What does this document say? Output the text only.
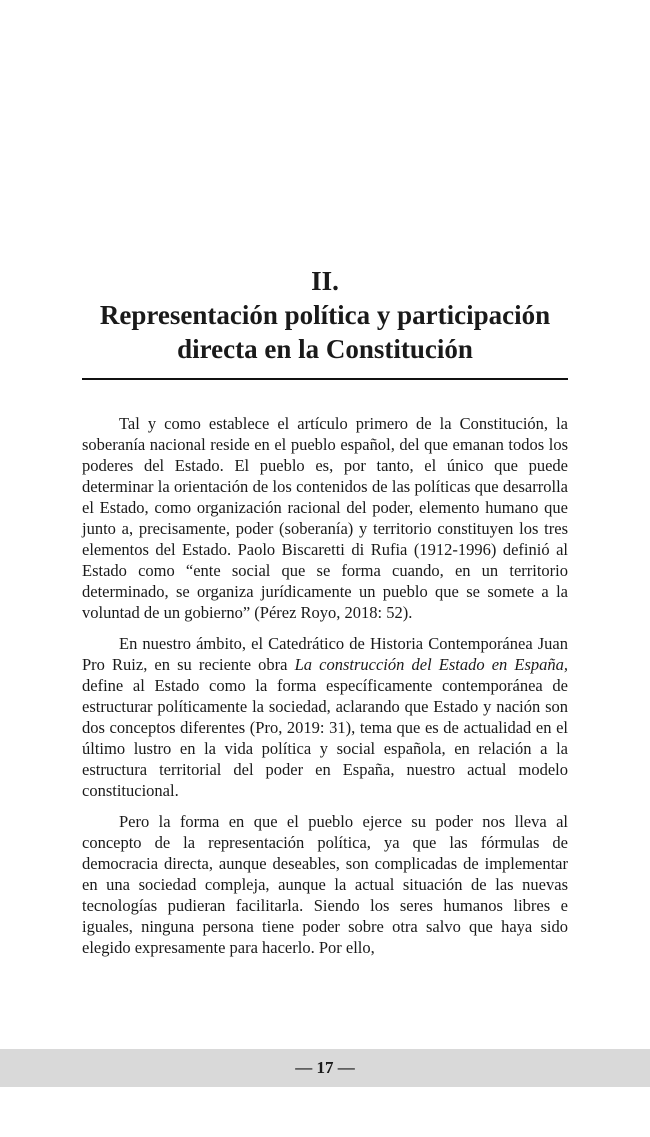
II.
Representación política y participación directa en la Constitución

Tal y como establece el artículo primero de la Constitución, la soberanía nacional reside en el pueblo español, del que emanan todos los poderes del Estado. El pueblo es, por tanto, el único que puede determinar la orientación de los contenidos de las políticas que desarrolla el Estado, como organización racional del poder, elemento humano que junto a, precisamente, poder (soberanía) y territorio constituyen los tres elementos del Estado. Paolo Biscaretti di Rufia (1912-1996) definió al Estado como “ente social que se forma cuando, en un territorio determinado, se organiza jurídicamente un pueblo que se somete a la voluntad de un gobierno” (Pérez Royo, 2018: 52).

En nuestro ámbito, el Catedrático de Historia Contemporánea Juan Pro Ruiz, en su reciente obra La construcción del Estado en España, define al Estado como la forma específicamente contemporánea de estructurar políticamente la sociedad, aclarando que Estado y nación son dos conceptos diferentes (Pro, 2019: 31), tema que es de actualidad en el último lustro en la vida política y social española, en relación a la estructura territorial del poder en España, nuestro actual modelo constitucional.

Pero la forma en que el pueblo ejerce su poder nos lleva al concepto de la representación política, ya que las fórmulas de democracia directa, aunque deseables, son complicadas de implementar en una sociedad compleja, aunque la actual situación de las nuevas tecnologías pudieran facilitarla. Siendo los seres humanos libres e iguales, ninguna persona tiene poder sobre otra salvo que haya sido elegido expresamente para hacerlo. Por ello,

— 17 —
